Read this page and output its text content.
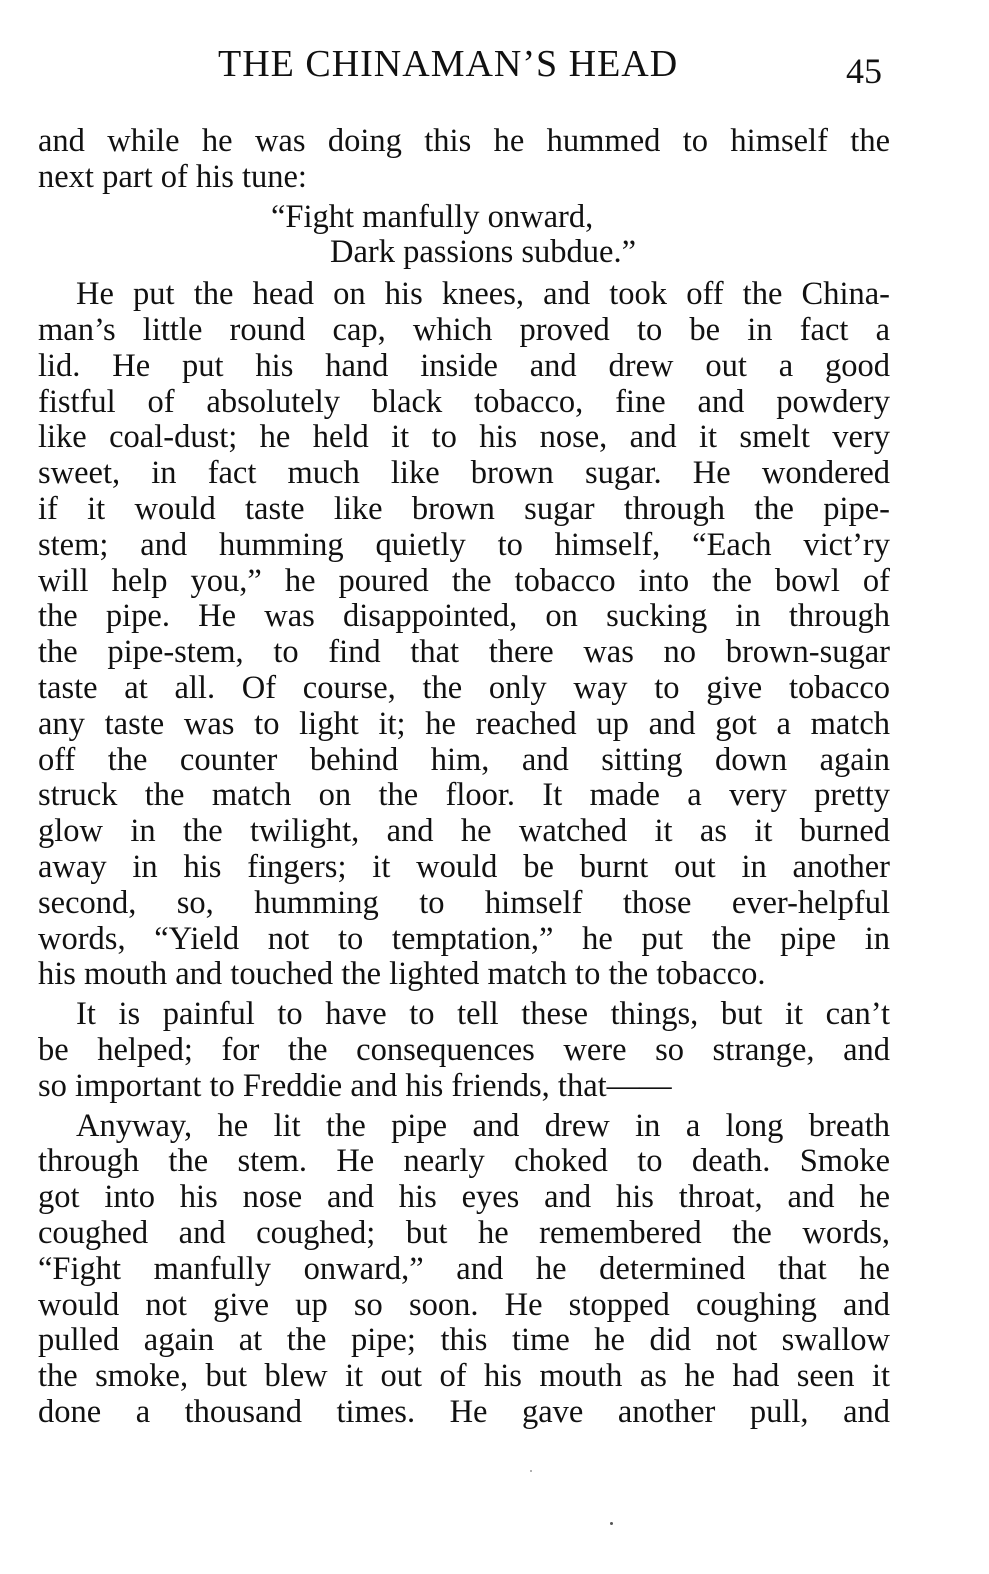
THE CHINAMAN’S HEAD	45
and while he was doing this he hummed to himself the
next part of his tune:
“Fight manfully onward,
Dark passions subdue.”
He put the head on his knees, and took off the China-
man’s little round cap, which proved to be in fact a
lid. He put his hand inside and drew out a good
fistful of absolutely black tobacco, fine and powdery
like coal-dust; he held it to his nose, and it smelt very
sweet, in fact much like brown sugar. He wondered
if it would taste like brown sugar through the pipe-
stem; and humming quietly to himself, “Each vict’ry
will help you,” he poured the tobacco into the bowl of
the pipe. He was disappointed, on sucking in through
the pipe-stem, to find that there was no brown-sugar
taste at all. Of course, the only way to give tobacco
any taste was to light it; he reached up and got a match
off the counter behind him, and sitting down again
struck the match on the floor. It made a very pretty
glow in the twilight, and he watched it as it burned
away in his fingers; it would be burnt out in another
second, so, humming to himself those ever-helpful
words, “Yield not to temptation,” he put the pipe in
his mouth and touched the lighted match to the tobacco.
It is painful to have to tell these things, but it can’t
be helped; for the consequences were so strange, and
so important to Freddie and his friends, that——
Anyway, he lit the pipe and drew in a long breath
through the stem. He nearly choked to death. Smoke
got into his nose and his eyes and his throat, and he
coughed and coughed; but he remembered the words,
“Fight manfully onward,” and he determined that he
would not give up so soon. He stopped coughing and
pulled again at the pipe; this time he did not swallow
the smoke, but blew it out of his mouth as he had seen it
done a thousand times. He gave another pull, and
